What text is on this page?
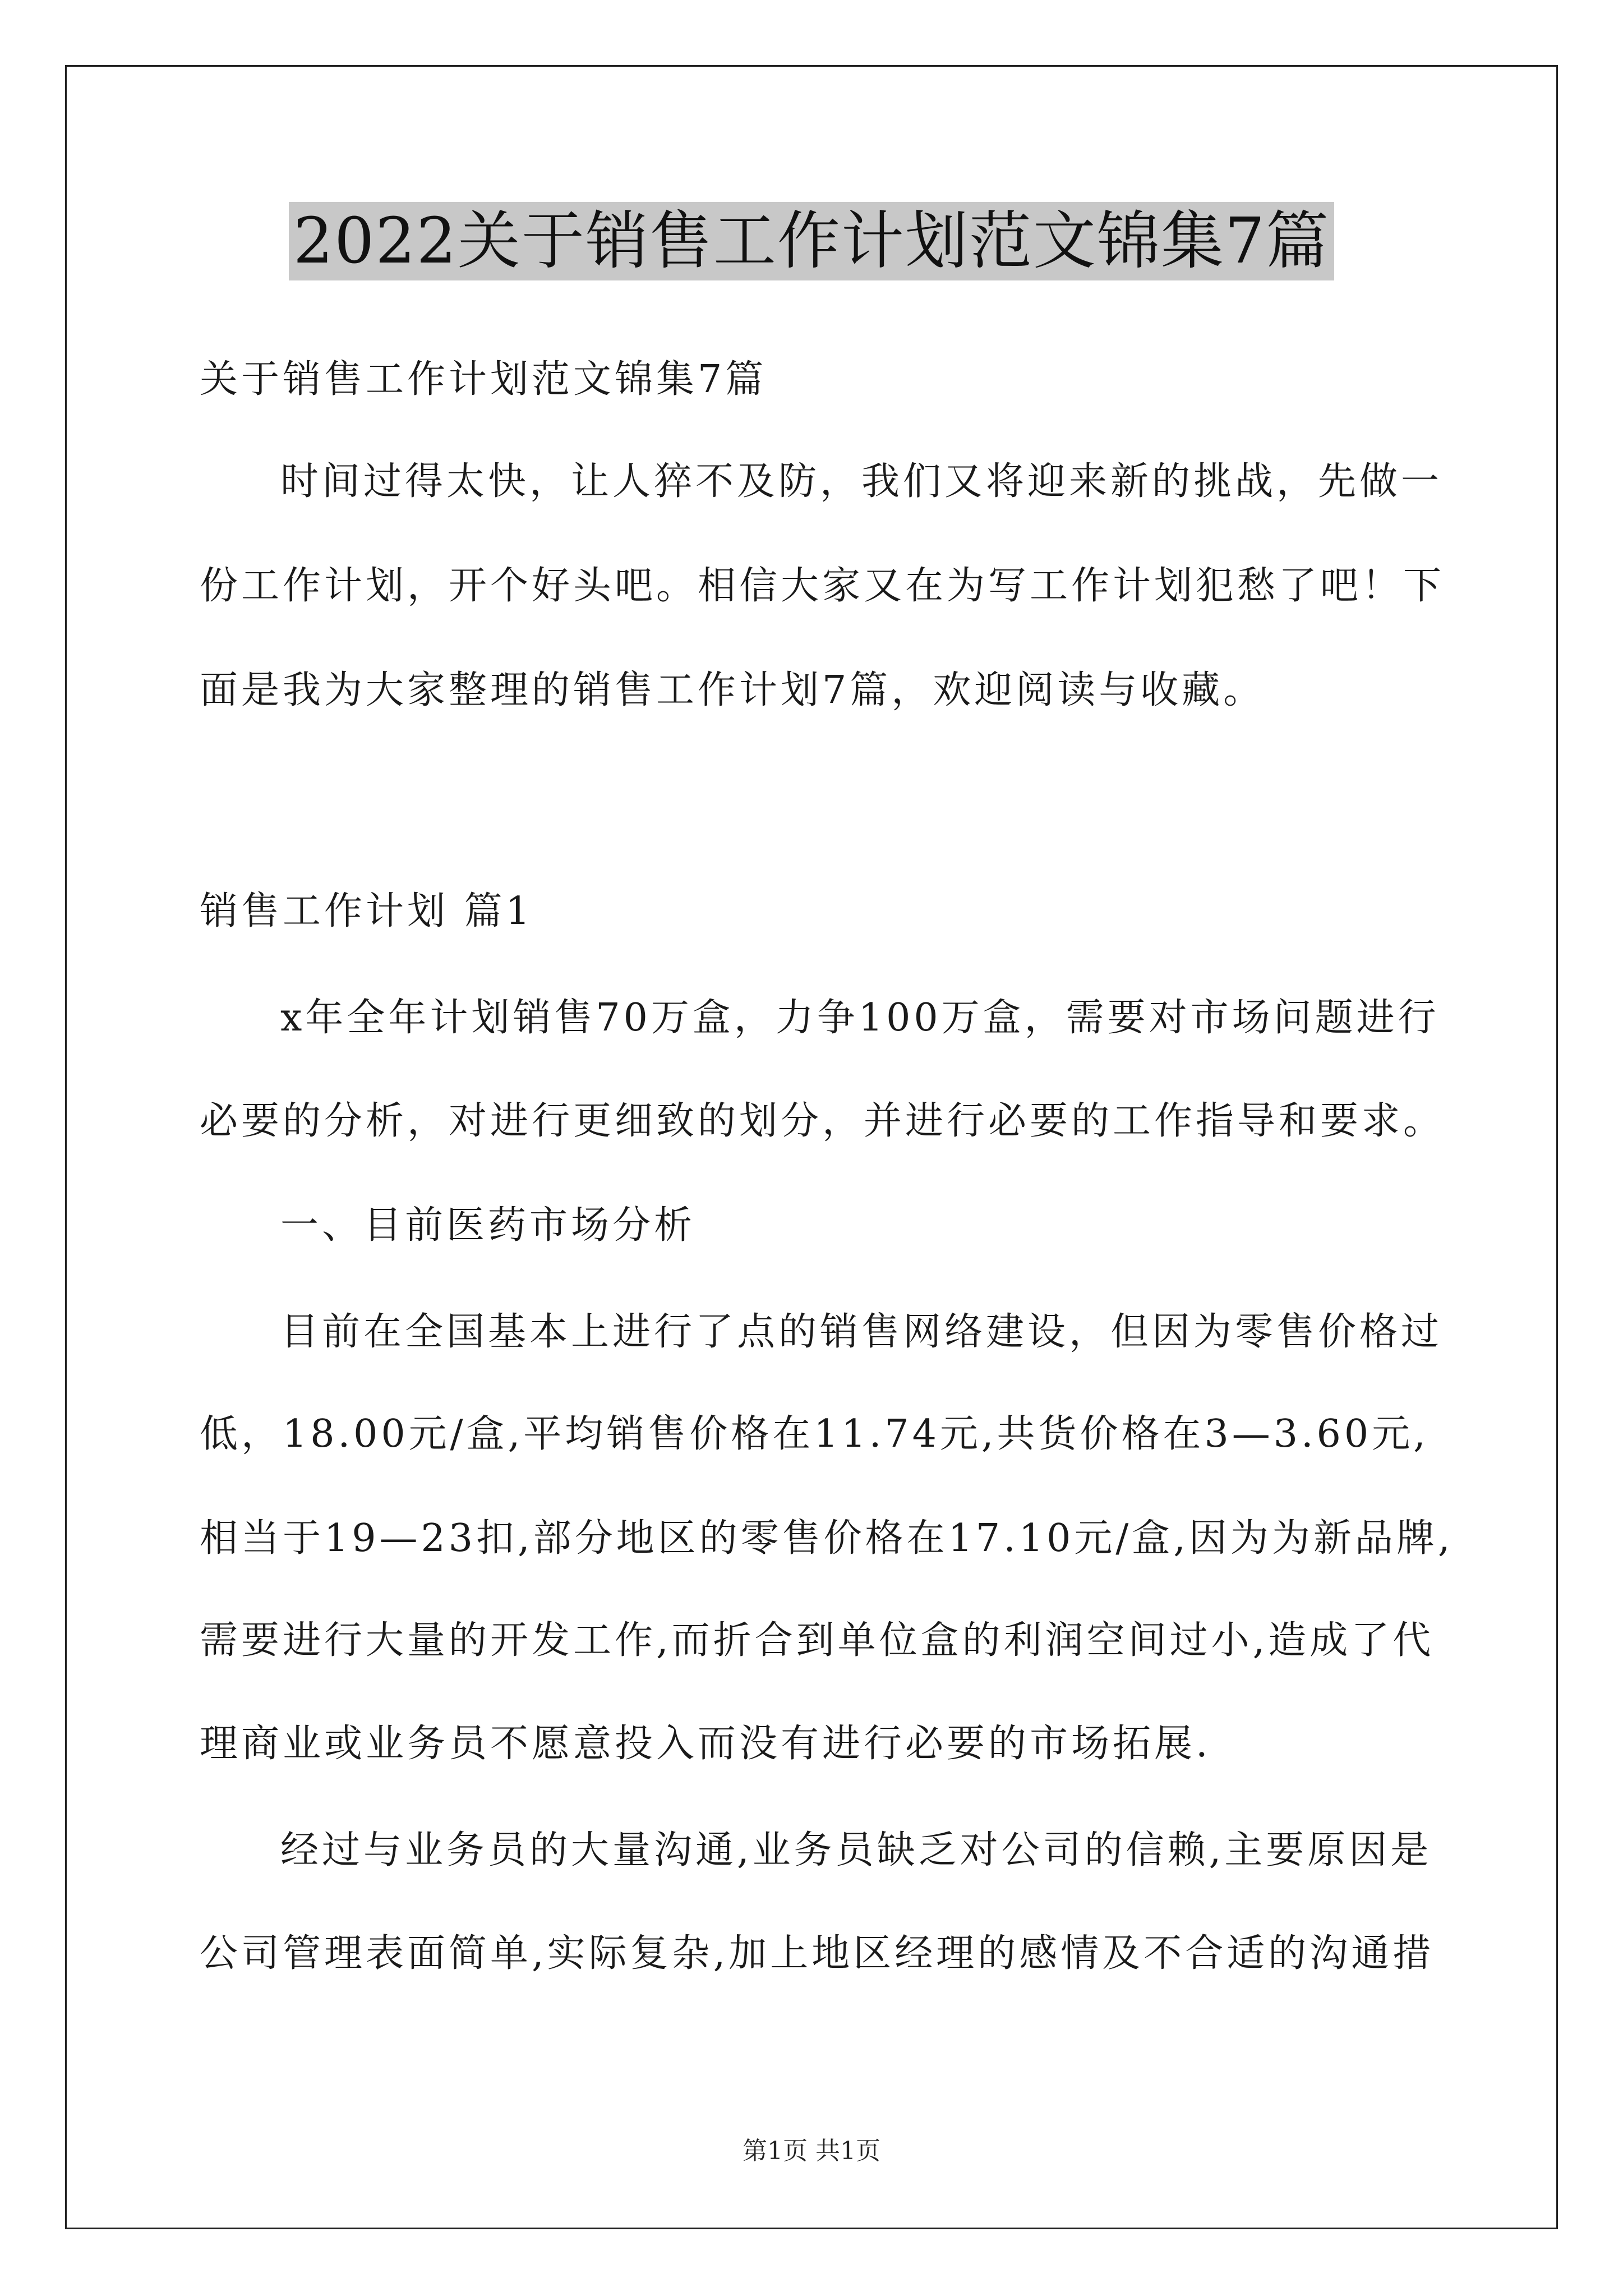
2022关于销售工作计划范文锦集7篇
关于销售工作计划范文锦集7篇
时间过得太快，让人猝不及防，我们又将迎来新的挑战，先做一
份工作计划，开个好头吧。相信大家又在为写工作计划犯愁了吧！下
面是我为大家整理的销售工作计划7篇，欢迎阅读与收藏。
销售工作计划 篇1
x年全年计划销售70万盒，力争100万盒，需要对市场问题进行
必要的分析，对进行更细致的划分，并进行必要的工作指导和要求。
一、目前医药市场分析
目前在全国基本上进行了点的销售网络建设，但因为零售价格过
低，18.00元/盒,平均销售价格在11.74元,共货价格在3—3.60元,
相当于19—23扣,部分地区的零售价格在17.10元/盒,因为为新品牌,
需要进行大量的开发工作,而折合到单位盒的利润空间过小,造成了代
理商业或业务员不愿意投入而没有进行必要的市场拓展.
经过与业务员的大量沟通,业务员缺乏对公司的信赖,主要原因是
公司管理表面简单,实际复杂,加上地区经理的感情及不合适的沟通措
第1页 共1页
